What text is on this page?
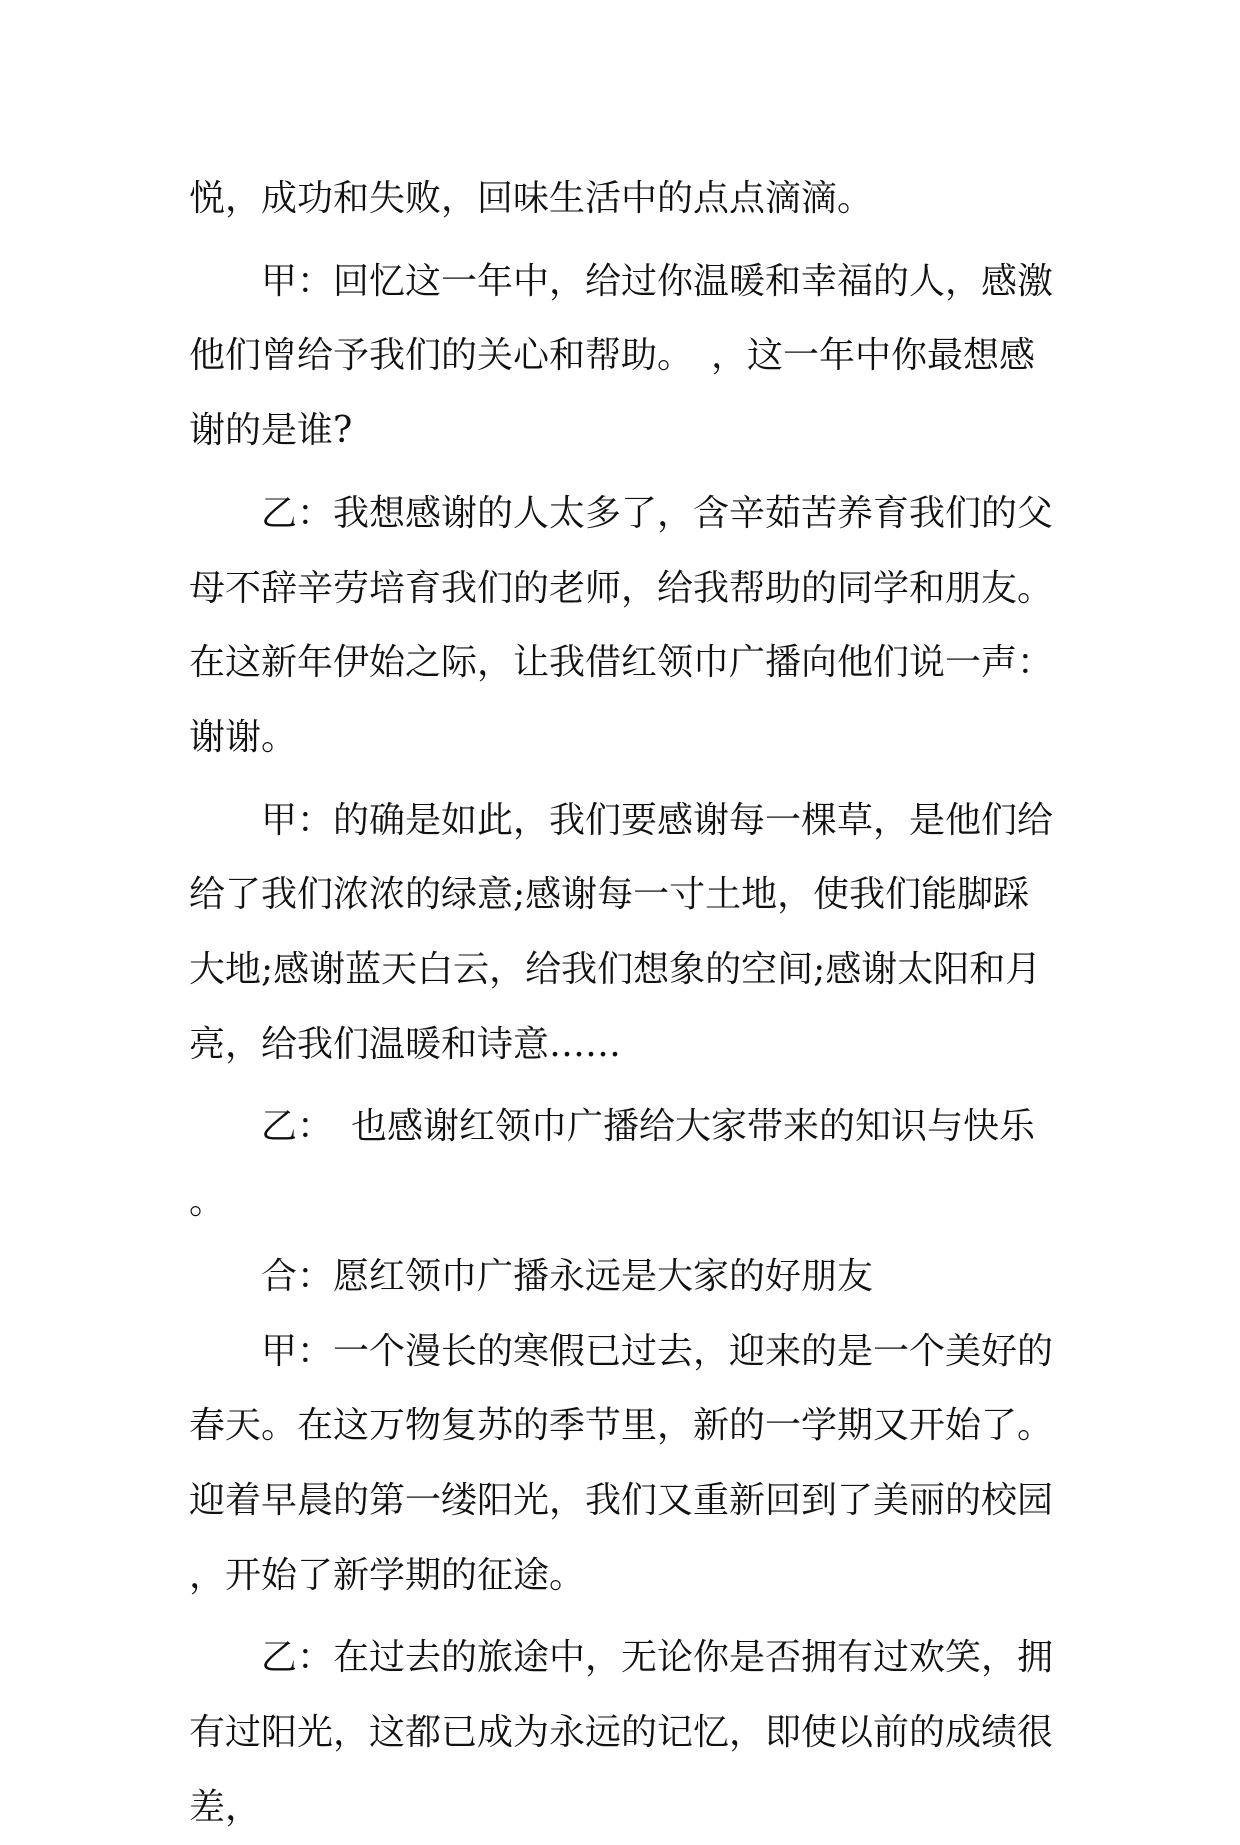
悦，成功和失败，回味生活中的点点滴滴。

甲：回忆这一年中，给过你温暖和幸福的人，感激他们曾给予我们的关心和帮助。　，这一年中你最想感谢的是谁?

乙：我想感谢的人太多了，含辛茹苦养育我们的父母不辞辛劳培育我们的老师，给我帮助的同学和朋友。在这新年伊始之际，让我借红领巾广播向他们说一声：谢谢。

甲：的确是如此，我们要感谢每一棵草，是他们给给了我们浓浓的绿意;感谢每一寸土地，使我们能脚踩大地;感谢蓝天白云，给我们想象的空间;感谢太阳和月亮，给我们温暖和诗意……

乙：　也感谢红领巾广播给大家带来的知识与快乐。

合：愿红领巾广播永远是大家的好朋友

甲：一个漫长的寒假已过去，迎来的是一个美好的春天。在这万物复苏的季节里，新的一学期又开始了。迎着早晨的第一缕阳光，我们又重新回到了美丽的校园，开始了新学期的征途。

乙：在过去的旅途中，无论你是否拥有过欢笑，拥有过阳光，这都已成为永远的记忆，即使以前的成绩很差，
